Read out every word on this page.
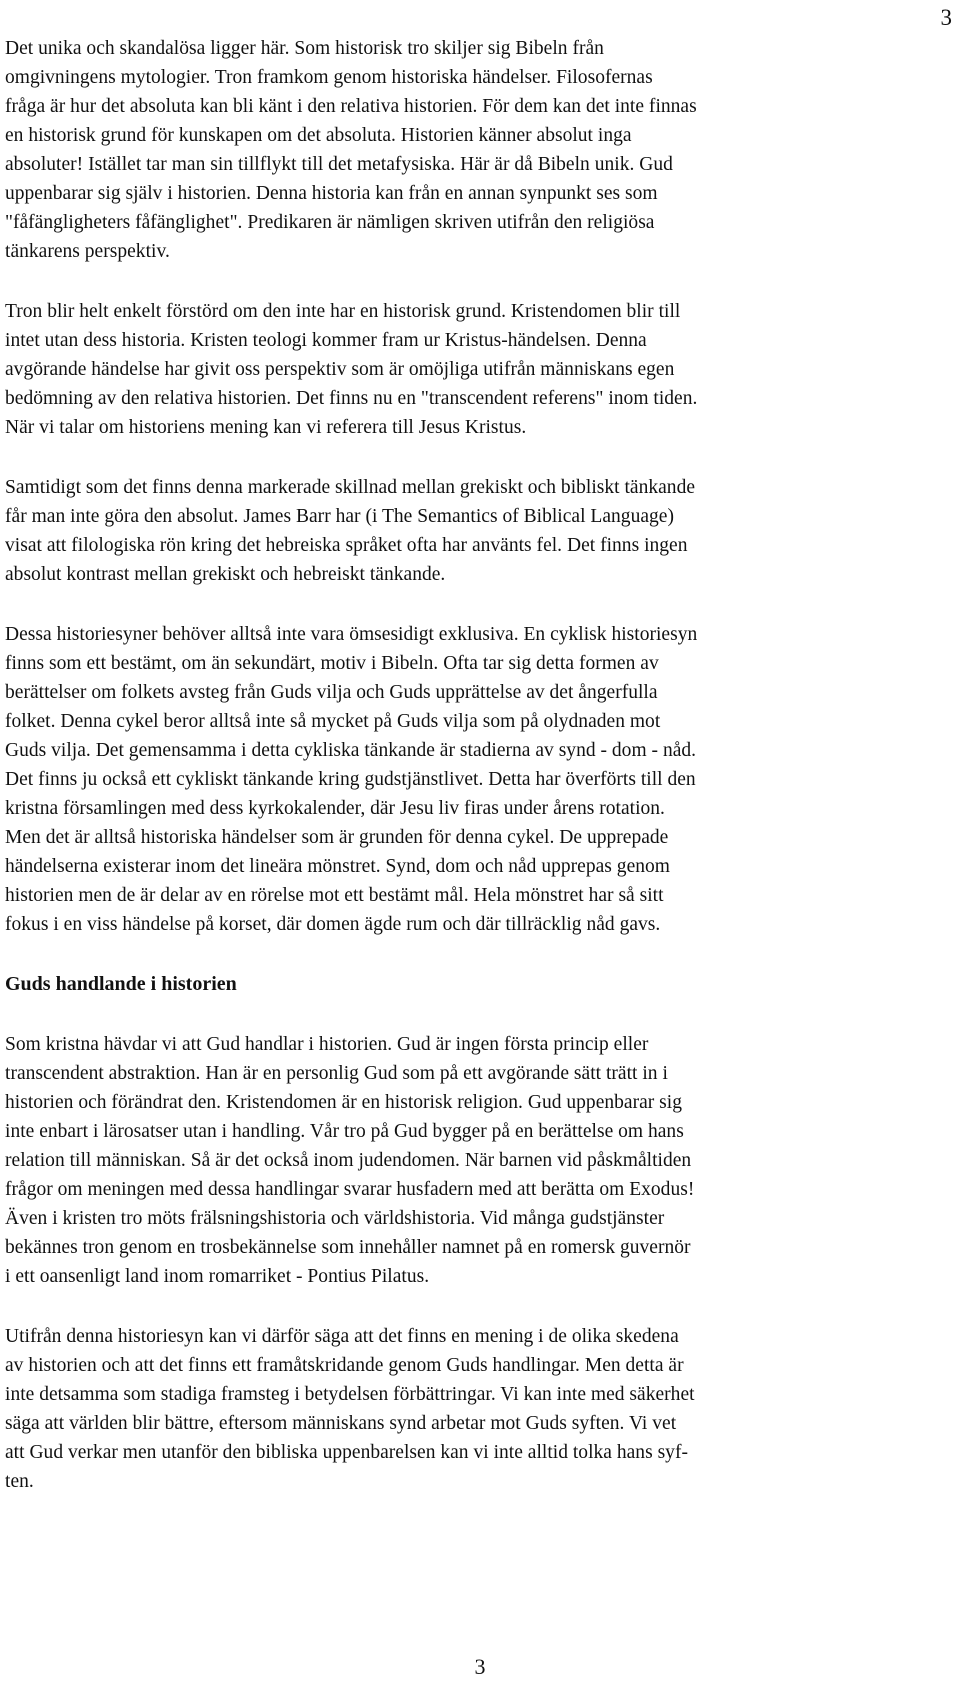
3

Det unika och skandalösa ligger här. Som historisk tro skiljer sig Bibeln från
omgivningens mytologier. Tron framkom genom historiska händelser. Filosofernas
fråga är hur det absoluta kan bli känt i den relativa historien. För dem kan det inte finnas
en historisk grund för kunskapen om det absoluta. Historien känner absolut inga
absoluter! Istället tar man sin tillflykt till det metafysiska. Här är då Bibeln unik. Gud
uppenbarar sig själv i historien. Denna historia kan från en annan synpunkt ses som
"fåfängligheters fåfänglighet". Predikaren är nämligen skriven utifrån den religiösa
tänkarens perspektiv.

Tron blir helt enkelt förstörd om den inte har en historisk grund. Kristendomen blir till
intet utan dess historia. Kristen teologi kommer fram ur Kristus-händelsen. Denna
avgörande händelse har givit oss perspektiv som är omöjliga utifrån människans egen
bedömning av den relativa historien. Det finns nu en "transcendent referens" inom tiden.
När vi talar om historiens mening kan vi referera till Jesus Kristus.

Samtidigt som det finns denna markerade skillnad mellan grekiskt och bibliskt tänkande
får man inte göra den absolut. James Barr har (i The Semantics of Biblical Language)
visat att filologiska rön kring det hebreiska språket ofta har använts fel. Det finns ingen
absolut kontrast mellan grekiskt och hebreiskt tänkande.

Dessa historiesyner behöver alltså inte vara ömsesidigt exklusiva. En cyklisk historiesyn
finns som ett bestämt, om än sekundärt, motiv i Bibeln. Ofta tar sig detta formen av
berättelser om folkets avsteg från Guds vilja och Guds upprättelse av det ångerfulla
folket. Denna cykel beror alltså inte så mycket på Guds vilja som på olydnaden mot
Guds vilja. Det gemensamma i detta cykliska tänkande är stadierna av synd - dom - nåd.
Det finns ju också ett cykliskt tänkande kring gudstjänstlivet. Detta har överförts till den
kristna församlingen med dess kyrkokalender, där Jesu liv firas under årens rotation.
Men det är alltså historiska händelser som är grunden för denna cykel. De upprepade
händelserna existerar inom det lineära mönstret. Synd, dom och nåd upprepas genom
historien men de är delar av en rörelse mot ett bestämt mål. Hela mönstret har så sitt
fokus i en viss händelse på korset, där domen ägde rum och där tillräcklig nåd gavs.

Guds handlande i historien

Som kristna hävdar vi att Gud handlar i historien. Gud är ingen första princip eller
transcendent abstraktion. Han är en personlig Gud som på ett avgörande sätt trätt in i
historien och förändrat den. Kristendomen är en historisk religion. Gud uppenbarar sig
inte enbart i lärosatser utan i handling. Vår tro på Gud bygger på en berättelse om hans
relation till människan. Så är det också inom judendomen. När barnen vid påskmåltiden
frågor om meningen med dessa handlingar svarar husfadern med att berätta om Exodus!
Även i kristen tro möts frälsningshistoria och världshistoria. Vid många gudstjänster
bekännes tron genom en trosbekännelse som innehåller namnet på en romersk guvernör
i ett oansenligt land inom romarriket - Pontius Pilatus.

Utifrån denna historiesyn kan vi därför säga att det finns en mening i de olika skedena
av historien och att det finns ett framåtskridande genom Guds handlingar. Men detta är
inte detsamma som stadiga framsteg i betydelsen förbättringar. Vi kan inte med säkerhet
säga att världen blir bättre, eftersom människans synd arbetar mot Guds syften. Vi vet
att Gud verkar men utanför den bibliska uppenbarelsen kan vi inte alltid tolka hans syf-
ten.

3
